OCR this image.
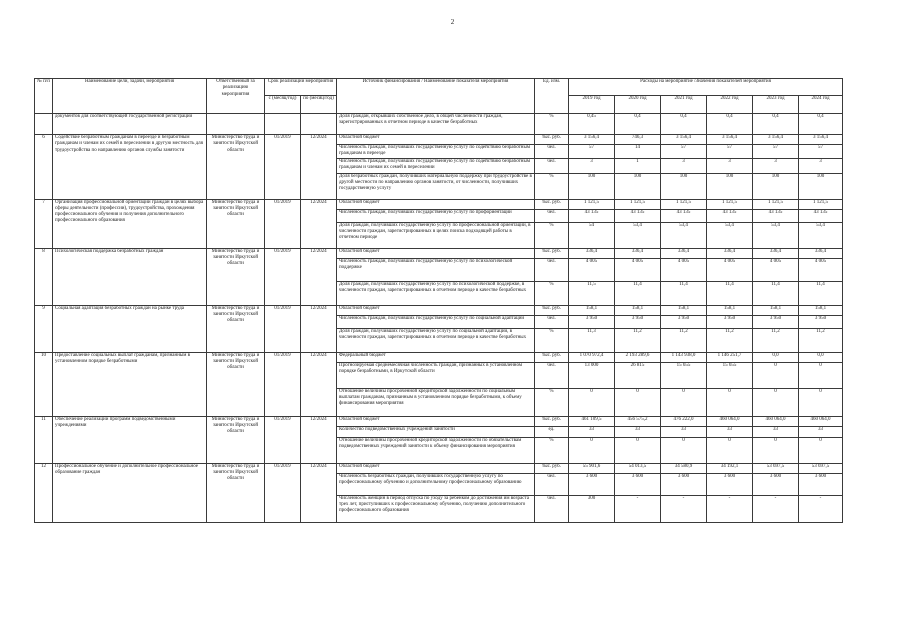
2
№ п/п	Наименование цели, задачи, мероприятия	Ответственный за реализацию мероприятия	Срок реализации мероприятия		Источник финансирования / Наименование показателя мероприятия	Ед. изм.	Расходы на мероприятие /Значения показателей мероприятия					
			с (месяц/год)	по (месяц/год)			2019 год	2020 год	2021 год	2022 год	2023 год	2024 год
	документов для соответствующей государственной регистрации				Доля граждан, открывших собственное дело, в общей численности граждан, зарегистрированных в отчетном периоде в качестве безработных	%	0,45	0,4	0,4	0,4	0,4	0,4
6	Содействие безработным гражданам в переезде и безработным гражданам и членам их семей в переселении в другую местность для трудоустройства по направлению органов службы занятости	Министерство труда и занятости Иркутской области	01/2019	12/2024	Областной бюджет	тыс. руб.	3 156,4	746,3	3 156,4	3 156,4	3 156,4	3 156,4
					Численность граждан, получивших государственную услугу по содействию безработным гражданам в переезде	чел.	57	14	57	57	57	57
					Численность граждан, получивших государственную услугу по содействию безработным гражданам и членам их семей в переселении	чел.	3	1	3	3	3	3
					Доля безработных граждан, получивших материальную поддержку при трудоустройстве в другой местности по направлению органов занятости, от численности, получивших государственную услугу	%	100	100	100	100	100	100
7	Организация профессиональной ориентации граждан в целях выбора сферы деятельности (профессии), трудоустройства, прохождения профессионального обучения и получения дополнительного профессионального образования	Министерство труда и занятости Иркутской области	01/2019	12/2024	Областной бюджет	тыс. руб.	1 121,5	1 121,5	1 121,5	1 121,5	1 121,5	1 121,5
					Численность граждан, получивших государственную услугу по профориентации	чел.	43 135	43 135	43 135	43 135	43 135	43 135
					Доля граждан, получивших государственную услугу по профессиональной ориентации, в численности граждан, зарегистрированных в целях поиска подходящей работы в отчетном периоде	%	54	53,4	53,4	53,4	53,4	53,4
8	Психологическая поддержка безработных граждан	Министерство труда и занятости Иркутской области	01/2019	12/2024	Областной бюджет	тыс. руб.	336,4	336,4	336,4	336,4	336,4	336,4
					Численность граждан, получивших государственную услугу по психологической поддержке	чел.	4 005	4 005	4 005	4 005	4 005	4 005
					Доля граждан, получивших государственную услугу по психологической поддержке, в численности граждан, зарегистрированных в отчетном периоде в качестве безработных	%	11,5	11,4	11,4	11,4	11,4	11,4
9	Социальная адаптация безработных граждан на рынке труда	Министерство труда и занятости Иркутской области	01/2019	12/2024	Областной бюджет	тыс. руб.	158,1	158,1	158,1	158,1	158,1	158,1
					Численность граждан, получивших государственную услугу по социальной адаптации	чел.	3 950	3 950	3 950	3 950	3 950	3 950
					Доля граждан, получивших государственную услугу по социальной адаптации, в численности граждан, зарегистрированных в отчетном периоде в качестве безработных	%	11,3	11,2	11,2	11,2	11,2	11,2
10	Предоставление социальных выплат гражданам, признанным в установленном порядке безработными	Министерство труда и занятости Иркутской области	01/2019	12/2024	Федеральный бюджет	тыс. руб.	1 070 972,4	2 193 289,6	1 143 938,0	1 146 251,7	0,0	0,0
					Прогнозируемая среднемесячная численность граждан, признанных в установленном порядке безработными, в Иркутской области	чел.	13 000	26 815	15 655	15 655	0	0
					Отношение величины просроченной кредиторской задолженности по социальным выплатам гражданам, признанным в установленном порядке безработными, к объему финансирования мероприятия	%	0	0	0	0	0	0
11	Обеспечение реализации программ подведомственными учреждениями	Министерство труда и занятости Иркутской области	01/2019	12/2024	Областной бюджет	тыс. руб.	461 109,5	456 575,2	476 222,0	460 064,0	460 064,0	460 064,0
					Количество подведомственных учреждений занятости	ед.	33	33	33	33	33	33
					Отношение величины просроченной кредиторской задолженности по обязательствам подведомственных учреждений занятости к объему финансирования мероприятия	%	0	0	0	0	0	0
12	Профессиональное обучение и дополнительное профессиональное образование граждан	Министерство труда и занятости Иркутской области	01/2019	12/2024	Областной бюджет	тыс. руб.	55 901,6	54 013,5	34 580,9	34 192,1	53 697,5	53 697,5
					Численность безработных граждан, получивших государственную услугу по профессиональному обучению и дополнительному профессиональному образованию	чел.	3 600	3 600	3 600	3 600	3 600	3 600
					Численность женщин в период отпуска по уходу за ребенком до достижения им возраста трех лет, приступивших к профессиональному обучению, получению дополнительного профессионального образования	чел.	300	-	-	-	-	-
